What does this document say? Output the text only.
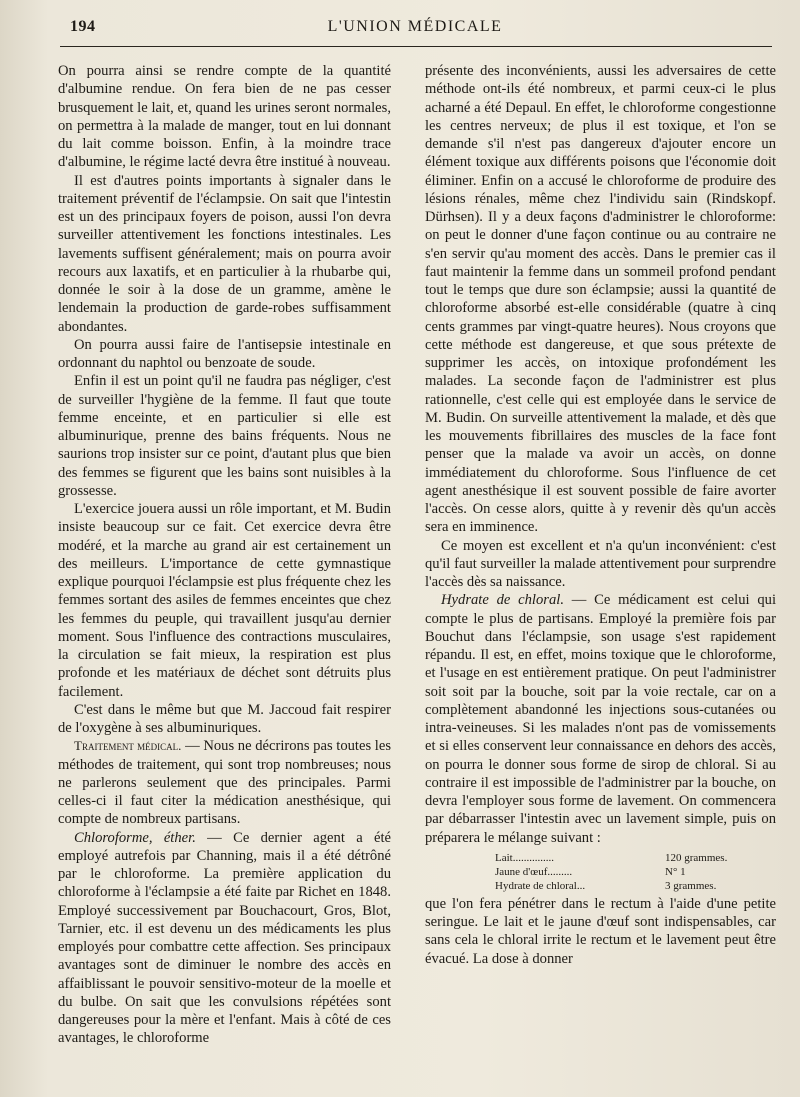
194	L'UNION MÉDICALE

On pourra ainsi se rendre compte de la quantité d'albumine rendue. On fera bien de ne pas cesser brusquement le lait, et, quand les urines seront normales, on permettra à la malade de manger, tout en lui donnant du lait comme boisson. Enfin, à la moindre trace d'albumine, le régime lacté devra être institué à nouveau.

Il est d'autres points importants à signaler dans le traitement préventif de l'éclampsie. On sait que l'intestin est un des principaux foyers de poison, aussi l'on devra surveiller attentivement les fonctions intestinales. Les lavements suffisent généralement; mais on pourra avoir recours aux laxatifs, et en particulier à la rhubarbe qui, donnée le soir à la dose de un gramme, amène le lendemain la production de garde-robes suffisamment abondantes.

On pourra aussi faire de l'antisepsie intestinale en ordonnant du naphtol ou benzoate de soude.

Enfin il est un point qu'il ne faudra pas négliger, c'est de surveiller l'hygiène de la femme. Il faut que toute femme enceinte, et en particulier si elle est albuminurique, prenne des bains fréquents. Nous ne saurions trop insister sur ce point, d'autant plus que bien des femmes se figurent que les bains sont nuisibles à la grossesse.

L'exercice jouera aussi un rôle important, et M. Budin insiste beaucoup sur ce fait. Cet exercice devra être modéré, et la marche au grand air est certainement un des meilleurs. L'importance de cette gymnastique explique pourquoi l'éclampsie est plus fréquente chez les femmes sortant des asiles de femmes enceintes que chez les femmes du peuple, qui travaillent jusqu'au dernier moment. Sous l'influence des contractions musculaires, la circulation se fait mieux, la respiration est plus profonde et les matériaux de déchet sont détruits plus facilement.

C'est dans le même but que M. Jaccoud fait respirer de l'oxygène à ses albuminuriques.

Traitement médical. — Nous ne décrirons pas toutes les méthodes de traitement, qui sont trop nombreuses; nous ne parlerons seulement que des principales. Parmi celles-ci il faut citer la médication anesthésique, qui compte de nombreux partisans.

Chloroforme, éther. — Ce dernier agent a été employé autrefois par Channing, mais il a été détrôné par le chloroforme. La première application du chloroforme à l'éclampsie a été faite par Richet en 1848. Employé successivement par Bouchacourt, Gros, Blot, Tarnier, etc. il est devenu un des médicaments les plus employés pour combattre cette affection. Ses principaux avantages sont de diminuer le nombre des accès en affaiblissant le pouvoir sensitivo-moteur de la moelle et du bulbe. On sait que les convulsions répétées sont dangereuses pour la mère et l'enfant. Mais à côté de ces avantages, le chloroforme

présente des inconvénients, aussi les adversaires de cette méthode ont-ils été nombreux, et parmi ceux-ci le plus acharné a été Depaul. En effet, le chloroforme congestionne les centres nerveux; de plus il est toxique, et l'on se demande s'il n'est pas dangereux d'ajouter encore un élément toxique aux différents poisons que l'économie doit éliminer. Enfin on a accusé le chloroforme de produire des lésions rénales, même chez l'individu sain (Rindskopf. Dürhsen). Il y a deux façons d'administrer le chloroforme: on peut le donner d'une façon continue ou au contraire ne s'en servir qu'au moment des accès. Dans le premier cas il faut maintenir la femme dans un sommeil profond pendant tout le temps que dure son éclampsie; aussi la quantité de chloroforme absorbé est-elle considérable (quatre à cinq cents grammes par vingt-quatre heures). Nous croyons que cette méthode est dangereuse, et que sous prétexte de supprimer les accès, on intoxique profondément les malades. La seconde façon de l'administrer est plus rationnelle, c'est celle qui est employée dans le service de M. Budin. On surveille attentivement la malade, et dès que les mouvements fibrillaires des muscles de la face font penser que la malade va avoir un accès, on donne immédiatement du chloroforme. Sous l'influence de cet agent anesthésique il est souvent possible de faire avorter l'accès. On cesse alors, quitte à y revenir dès qu'un accès sera en imminence.

Ce moyen est excellent et n'a qu'un inconvénient: c'est qu'il faut surveiller la malade attentivement pour surprendre l'accès dès sa naissance.

Hydrate de chloral. — Ce médicament est celui qui compte le plus de partisans. Employé la première fois par Bouchut dans l'éclampsie, son usage s'est rapidement répandu. Il est, en effet, moins toxique que le chloroforme, et l'usage en est entièrement pratique. On peut l'administrer soit soit par la bouche, soit par la voie rectale, car on a complètement abandonné les injections sous-cutanées ou intra-veineuses. Si les malades n'ont pas de vomissements et si elles conservent leur connaissance en dehors des accès, on pourra le donner sous forme de sirop de chloral. Si au contraire il est impossible de l'administrer par la bouche, on devra l'employer sous forme de lavement. On commencera par débarrasser l'intestin avec un lavement simple, puis on préparera le mélange suivant :

Lait...............	120 grammes.
Jaune d'œuf.........	N° 1
Hydrate de chloral...	3 grammes.

que l'on fera pénétrer dans le rectum à l'aide d'une petite seringue. Le lait et le jaune d'œuf sont indispensables, car sans cela le chloral irrite le rectum et le lavement peut être évacué. La dose à donner
